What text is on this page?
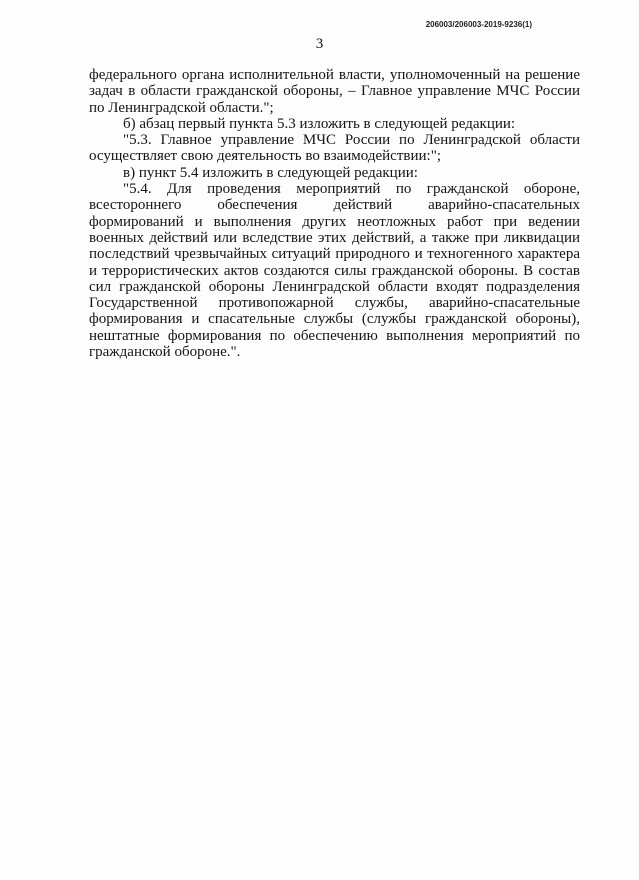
206003/206003-2019-9236(1)
3

федерального органа исполнительной власти, уполномоченный на решение задач в области гражданской обороны, – Главное управление МЧС России по Ленинградской области.";

б) абзац первый пункта 5.3 изложить в следующей редакции:

"5.3. Главное управление МЧС России по Ленинградской области осуществляет свою деятельность во взаимодействии:";

в) пункт 5.4 изложить в следующей редакции:

"5.4. Для проведения мероприятий по гражданской обороне, всестороннего обеспечения действий аварийно-спасательных формирований и выполнения других неотложных работ при ведении военных действий или вследствие этих действий, а также при ликвидации последствий чрезвычайных ситуаций природного и техногенного характера и террористических актов создаются силы гражданской обороны. В состав сил гражданской обороны Ленинградской области входят подразделения Государственной противопожарной службы, аварийно-спасательные формирования и спасательные службы (службы гражданской обороны), нештатные формирования по обеспечению выполнения мероприятий по гражданской обороне.".
